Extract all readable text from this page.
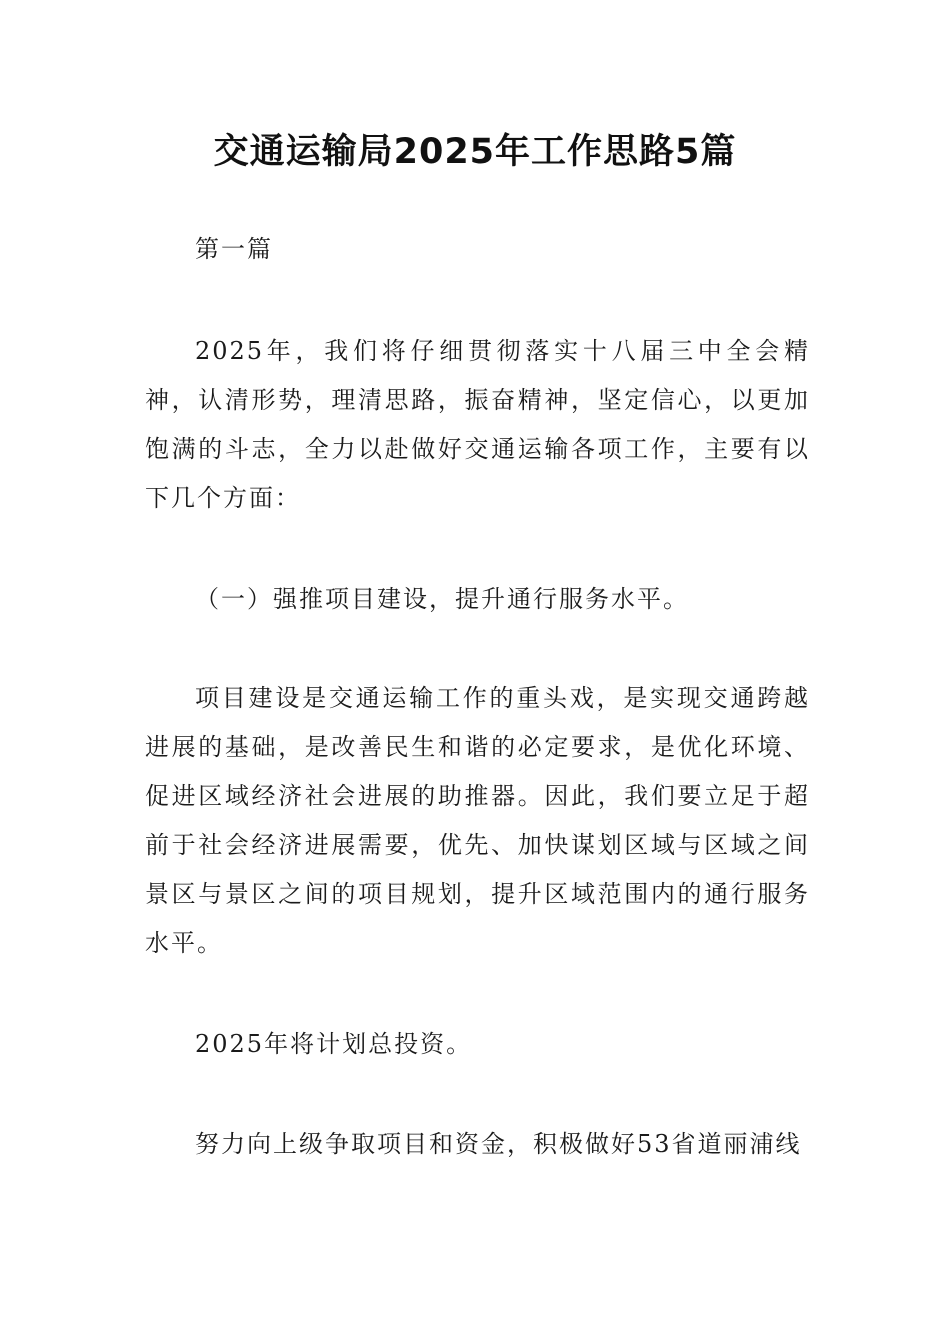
交通运输局2025年工作思路5篇

第一篇

2025年，我们将仔细贯彻落实十八届三中全会精神，认清形势，理清思路，振奋精神，坚定信心，以更加饱满的斗志，全力以赴做好交通运输各项工作，主要有以下几个方面：

（一）强推项目建设，提升通行服务水平。

项目建设是交通运输工作的重头戏，是实现交通跨越进展的基础，是改善民生和谐的必定要求，是优化环境、促进区域经济社会进展的助推器。因此，我们要立足于超前于社会经济进展需要，优先、加快谋划区域与区域之间景区与景区之间的项目规划，提升区域范围内的通行服务水平。

2025年将计划总投资。

努力向上级争取项目和资金，积极做好53省道丽浦线
